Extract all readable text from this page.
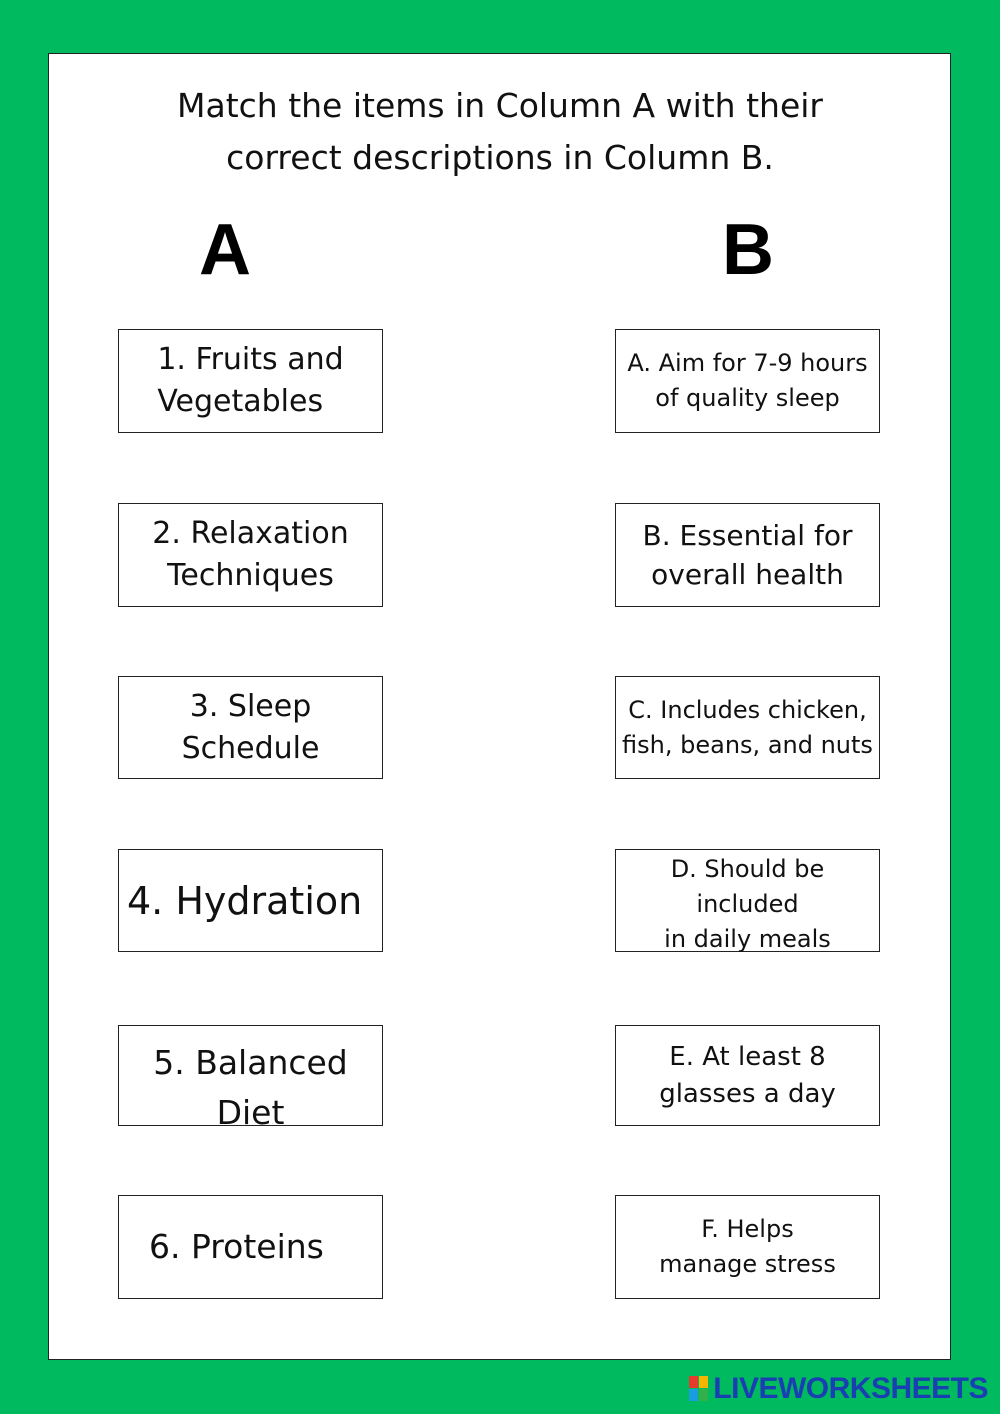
Match the items in Column A with their
correct descriptions in Column B.
A	B
1. Fruits and
Vegetables
2. Relaxation
Techniques
3. Sleep Schedule
4. Hydration
5. Balanced
Diet
6. Proteins
A. Aim for 7-9 hours
of quality sleep
B. Essential for
overall health
C. Includes chicken,
fish, beans, and nuts
D. Should be included
in daily meals
E. At least 8
glasses a day
F. Helps
manage stress
LIVEWORKSHEETS
